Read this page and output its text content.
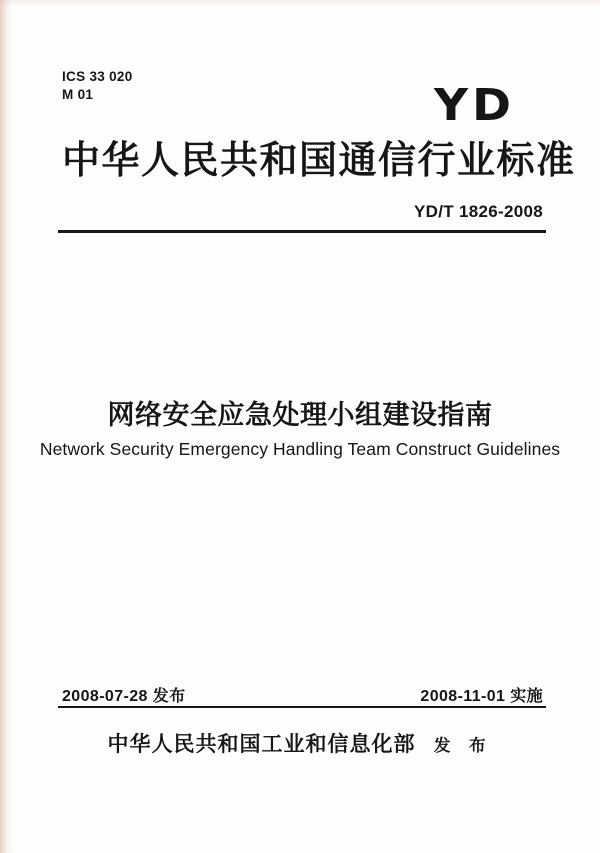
ICS 33 020
M 01	YD
中华人民共和国通信行业标准
YD/T 1826-2008
网络安全应急处理小组建设指南
Network Security Emergency Handling Team Construct Guidelines
2008-07-28 发布	2008-11-01 实施
中华人民共和国工业和信息化部 发 布
